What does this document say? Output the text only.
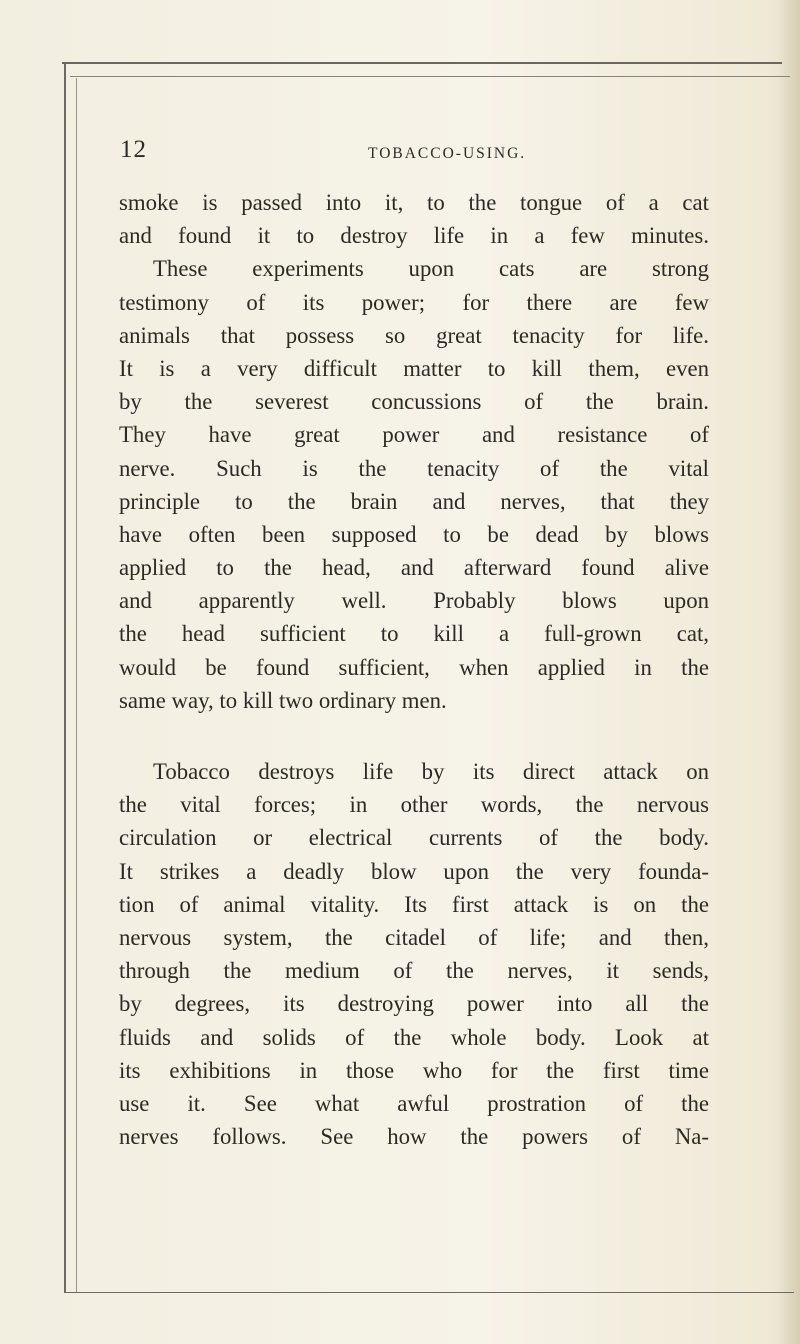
12	TOBACCO-USING.
smoke is passed into it, to the tongue of a cat
and found it to destroy life in a few minutes.
These experiments upon cats are strong
testimony of its power; for there are few
animals that possess so great tenacity for life.
It is a very difficult matter to kill them, even
by the severest concussions of the brain.
They have great power and resistance of
nerve. Such is the tenacity of the vital
principle to the brain and nerves, that they
have often been supposed to be dead by blows
applied to the head, and afterward found alive
and apparently well. Probably blows upon
the head sufficient to kill a full-grown cat,
would be found sufficient, when applied in the
same way, to kill two ordinary men.
Tobacco destroys life by its direct attack on
the vital forces; in other words, the nervous
circulation or electrical currents of the body.
It strikes a deadly blow upon the very founda-
tion of animal vitality. Its first attack is on the
nervous system, the citadel of life; and then,
through the medium of the nerves, it sends,
by degrees, its destroying power into all the
fluids and solids of the whole body. Look at
its exhibitions in those who for the first time
use it. See what awful prostration of the
nerves follows. See how the powers of Na-
